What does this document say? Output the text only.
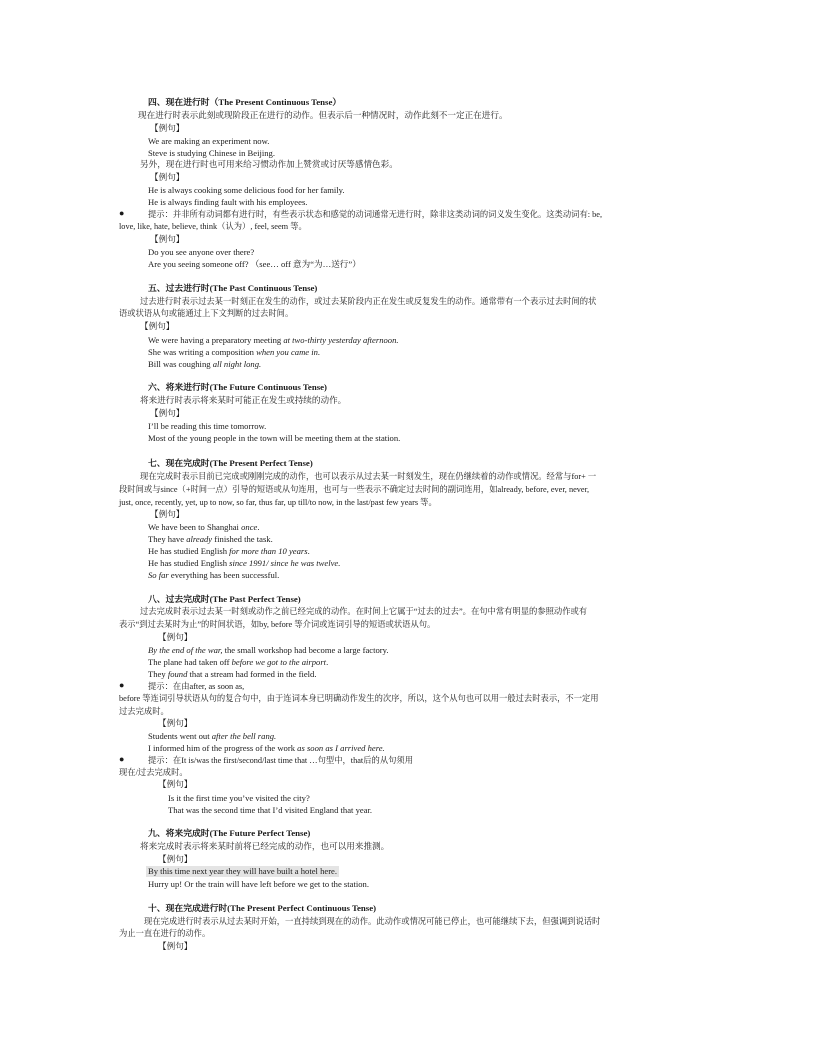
四、现在进行时（The Present Continuous Tense）
现在进行时表示此刻或现阶段正在进行的动作。但表示后一种情况时，动作此刻不一定正在进行。
【例句】
We are making an experiment now.
Steve is studying Chinese in Beijing.
另外，现在进行时也可用来给习惯动作加上赞赏或讨厌等感情色彩。
【例句】
He is always cooking some delicious food for her family.
He is always finding fault with his employees.
●	提示：并非所有动词都有进行时，有些表示状态和感觉的动词通常无进行时，除非这类动词的词义发生变化。这类动词有: be,
love, like, hate, believe, think（认为）, feel, seem 等。
【例句】
Do you see anyone over there?
Are you seeing someone off? （see… off 意为“为…送行”）
五、过去进行时(The Past Continuous Tense)
过去进行时表示过去某一时刻正在发生的动作，或过去某阶段内正在发生或反复发生的动作。通常带有一个表示过去时间的状
语或状语从句或能通过上下文判断的过去时间。
【例句】
We were having a preparatory meeting at two-thirty yesterday afternoon.
She was writing a composition when you came in.
Bill was coughing all night long.
六、将来进行时(The Future Continuous Tense)
将来进行时表示将来某时可能正在发生或持续的动作。
【例句】
I’ll be reading this time tomorrow.
Most of the young people in the town will be meeting them at the station.
七、现在完成时(The Present Perfect Tense)
现在完成时表示目前已完成或刚刚完成的动作，也可以表示从过去某一时刻发生，现在仍继续着的动作或情况。经常与for+ 一
段时间或与since（+时间一点）引导的短语或从句连用，也可与一些表示不确定过去时间的副词连用，如already, before, ever, never,
just, once, recently, yet, up to now, so far, thus far, up till/to now, in the last/past few years 等。
【例句】
We have been to Shanghai once.
They have already finished the task.
He has studied English for more than 10 years.
He has studied English since 1991/ since he was twelve.
So far everything has been successful.
八、过去完成时(The Past Perfect Tense)
过去完成时表示过去某一时刻或动作之前已经完成的动作。在时间上它属于“过去的过去”。在句中常有明显的参照动作或有
表示“到过去某时为止”的时间状语，如by, before 等介词或连词引导的短语或状语从句。
【例句】
By the end of the war, the small workshop had become a large factory.
The plane had taken off before we got to the airport.
They found that a stream had formed in the field.
●	提示：在由after, as soon as,
before 等连词引导状语从句的复合句中，由于连词本身已明确动作发生的次序，所以，这个从句也可以用一般过去时表示，不一定用
过去完成时。
【例句】
Students went out after the bell rang.
I informed him of the progress of the work as soon as I arrived here.
●	提示：在It is/was the first/second/last time that …句型中，that后的从句须用
现在/过去完成时。
【例句】
Is it the first time you’ve visited the city?
That was the second time that I’d visited England that year.
九、将来完成时(The Future Perfect Tense)
将来完成时表示将来某时前将已经完成的动作，也可以用来推测。
【例句】
By this time next year they will have built a hotel here.
Hurry up! Or the train will have left before we get to the station.
十、现在完成进行时(The Present Perfect Continuous Tense)
现在完成进行时表示从过去某时开始，一直持续到现在的动作。此动作或情况可能已停止，也可能继续下去，但强调到说话时
为止一直在进行的动作。
【例句】
